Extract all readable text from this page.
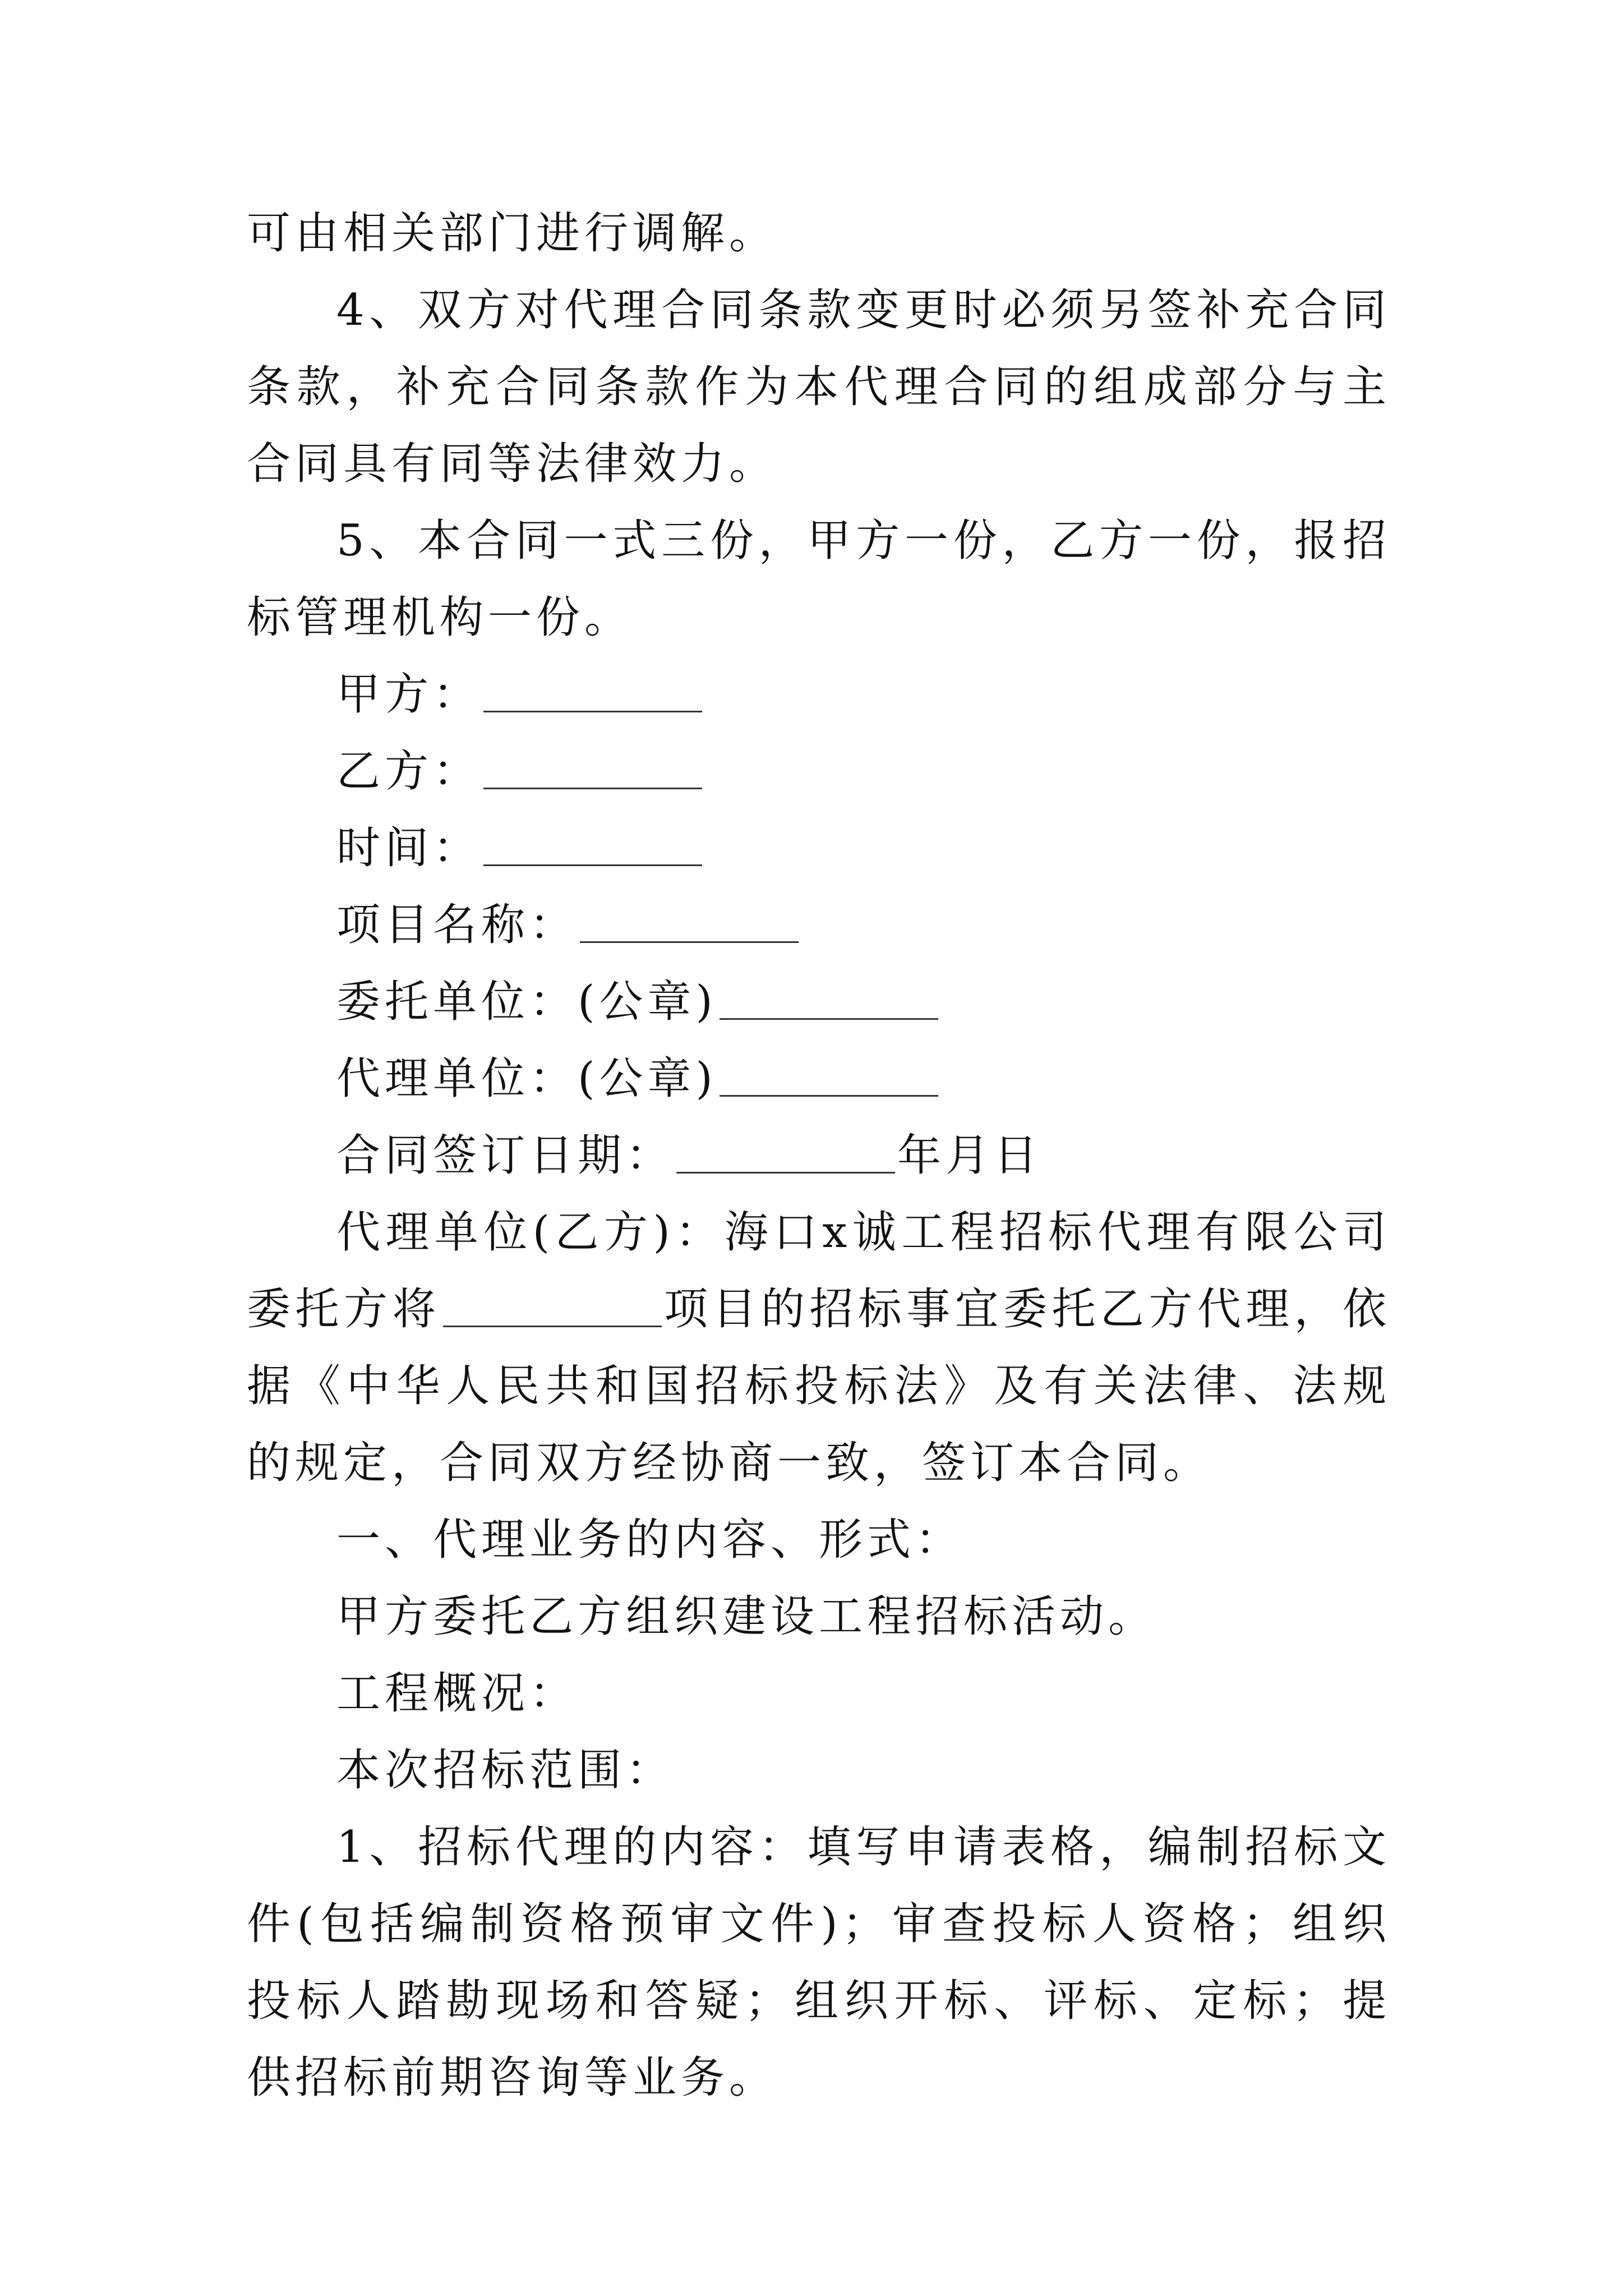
可由相关部门进行调解。

4、双方对代理合同条款变更时必须另签补充合同条款，补充合同条款作为本代理合同的组成部分与主合同具有同等法律效力。

5、本合同一式三份，甲方一份，乙方一份，报招标管理机构一份。

甲方：

乙方：

时间：

项目名称：

委托单位：(公章)

代理单位：(公章)

合同签订日期：	年月日

代理单位(乙方)：海口x诚工程招标代理有限公司委托方将	项目的招标事宜委托乙方代理，依据《中华人民共和国招标投标法》及有关法律、法规的规定，合同双方经协商一致，签订本合同。

一、代理业务的内容、形式：

甲方委托乙方组织建设工程招标活动。

工程概况：

本次招标范围：

1、招标代理的内容：填写申请表格，编制招标文件(包括编制资格预审文件)；审查投标人资格；组织投标人踏勘现场和答疑；组织开标、评标、定标；提供招标前期咨询等业务。
